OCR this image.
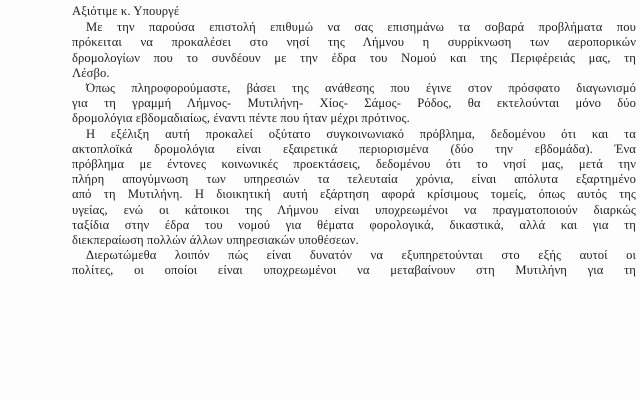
Αξιότιμε κ. Υπουργέ
Με την παρούσα επιστολή επιθυμώ να σας επισημάνω τα σοβαρά προβλήματα που
πρόκειται να προκαλέσει στο νησί της Λήμνου η συρρίκνωση των αεροπορικών
δρομολογίων που το συνδέουν με την έδρα του Νομού και της Περιφέρειάς μας, τη
Λέσβο.
Όπως πληροφορούμαστε, βάσει της ανάθεσης που έγινε στον πρόσφατο διαγωνισμό
για τη γραμμή Λήμνος- Μυτιλήνη- Χίος- Σάμος- Ρόδος, θα εκτελούνται μόνο δύο
δρομολόγια εβδομαδιαίως, έναντι πέντε που ήταν μέχρι πρότινος.
Η εξέλιξη αυτή προκαλεί οξύτατο συγκοινωνιακό πρόβλημα, δεδομένου ότι και τα
ακτοπλοϊκά δρομολόγια είναι εξαιρετικά περιορισμένα (δύο την εβδομάδα). Ένα
πρόβλημα με έντονες κοινωνικές προεκτάσεις, δεδομένου ότι το νησί μας, μετά την
πλήρη απογύμνωση των υπηρεσιών τα τελευταία χρόνια, είναι απόλυτα εξαρτημένο
από τη Μυτιλήνη. Η διοικητική αυτή εξάρτηση αφορά κρίσιμους τομείς, όπως αυτός της
υγείας, ενώ οι κάτοικοι της Λήμνου είναι υποχρεωμένοι να πραγματοποιούν διαρκώς
ταξίδια στην έδρα του νομού για θέματα φορολογικά, δικαστικά, αλλά και για τη
διεκπεραίωση πολλών άλλων υπηρεσιακών υποθέσεων.
Διερωτώμεθα λοιπόν πώς είναι δυνατόν να εξυπηρετούνται στο εξής αυτοί οι
πολίτες, οι οποίοι είναι υποχρεωμένοι να μεταβαίνουν στη Μυτιλήνη για τη
